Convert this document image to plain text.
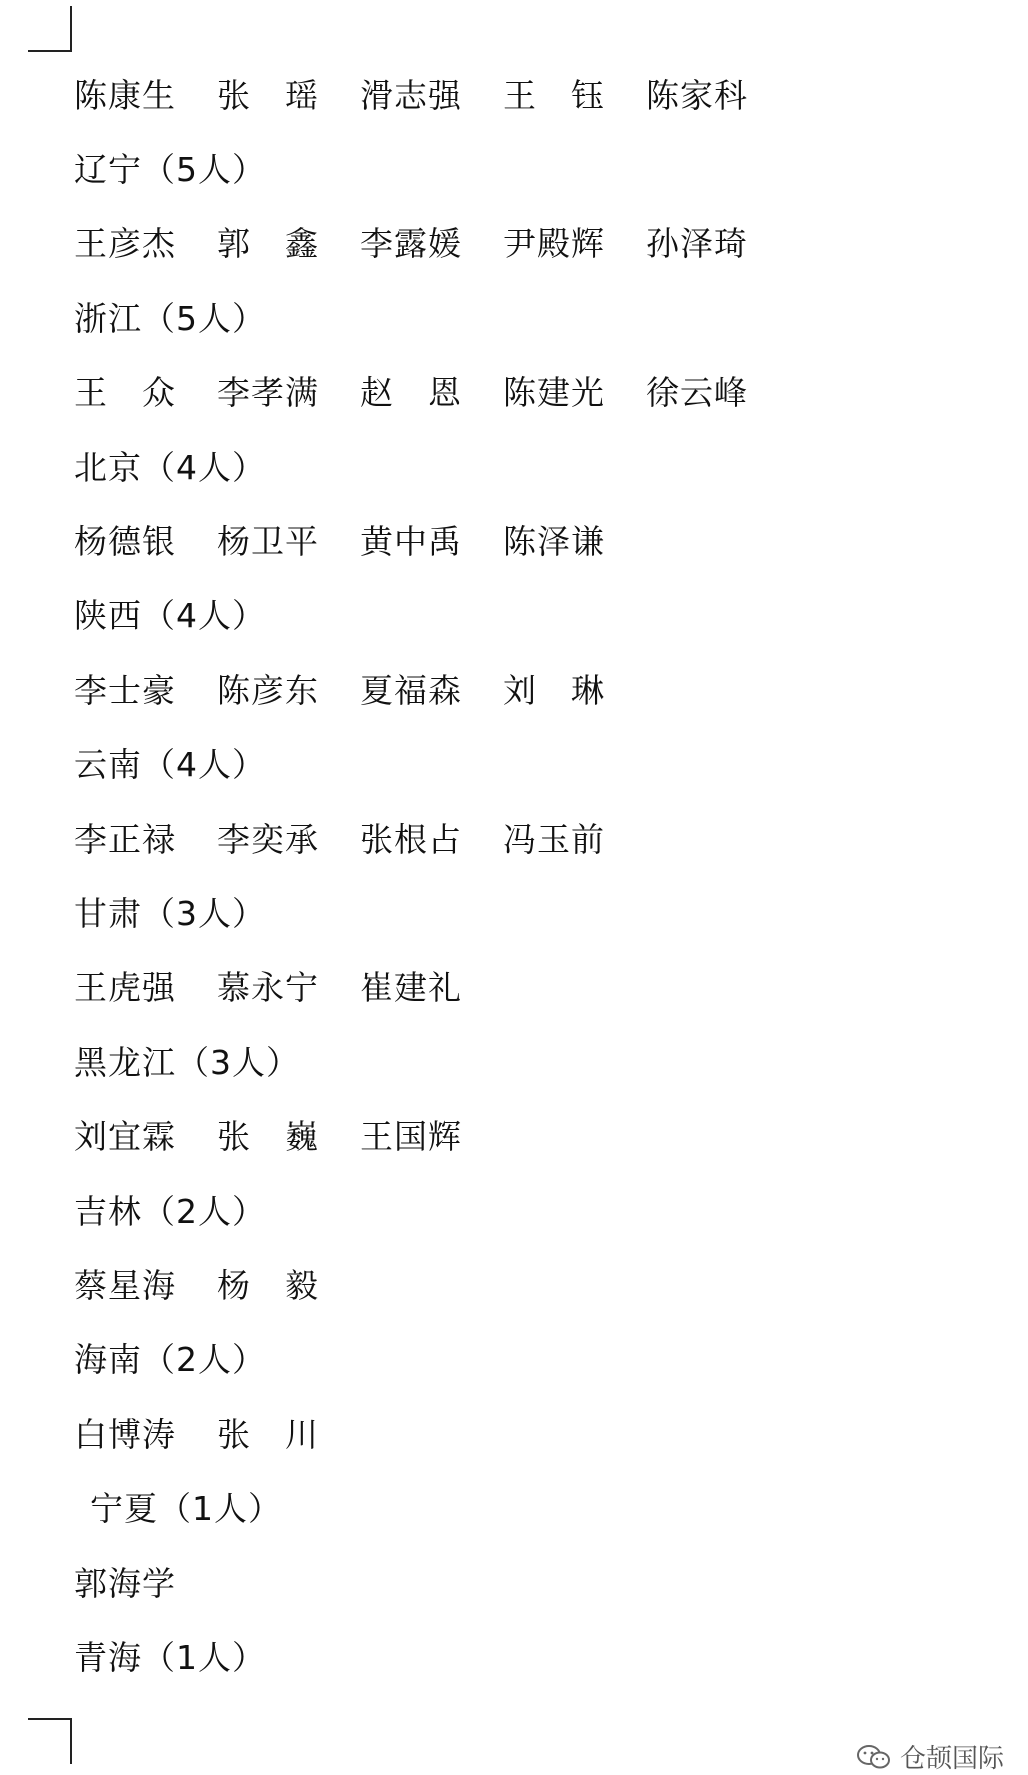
陈康生	张　瑶	滑志强	王　钰	陈家科
辽宁（5人）
王彦杰	郭　鑫	李露媛	尹殿辉	孙泽琦
浙江（5人）
王　众	李孝满	赵　恩	陈建光	徐云峰
北京（4人）
杨德银	杨卫平	黄中禹	陈泽谦
陕西（4人）
李士豪	陈彦东	夏福森	刘　琳
云南（4人）
李正禄	李奕承	张根占	冯玉前
甘肃（3人）
王虎强	慕永宁	崔建礼
黑龙江（3人）
刘宜霖	张　巍	王国辉
吉林（2人）
蔡星海	杨　毅
海南（2人）
白博涛	张　川
宁夏（1人）
郭海学
青海（1人）
仓颉国际
